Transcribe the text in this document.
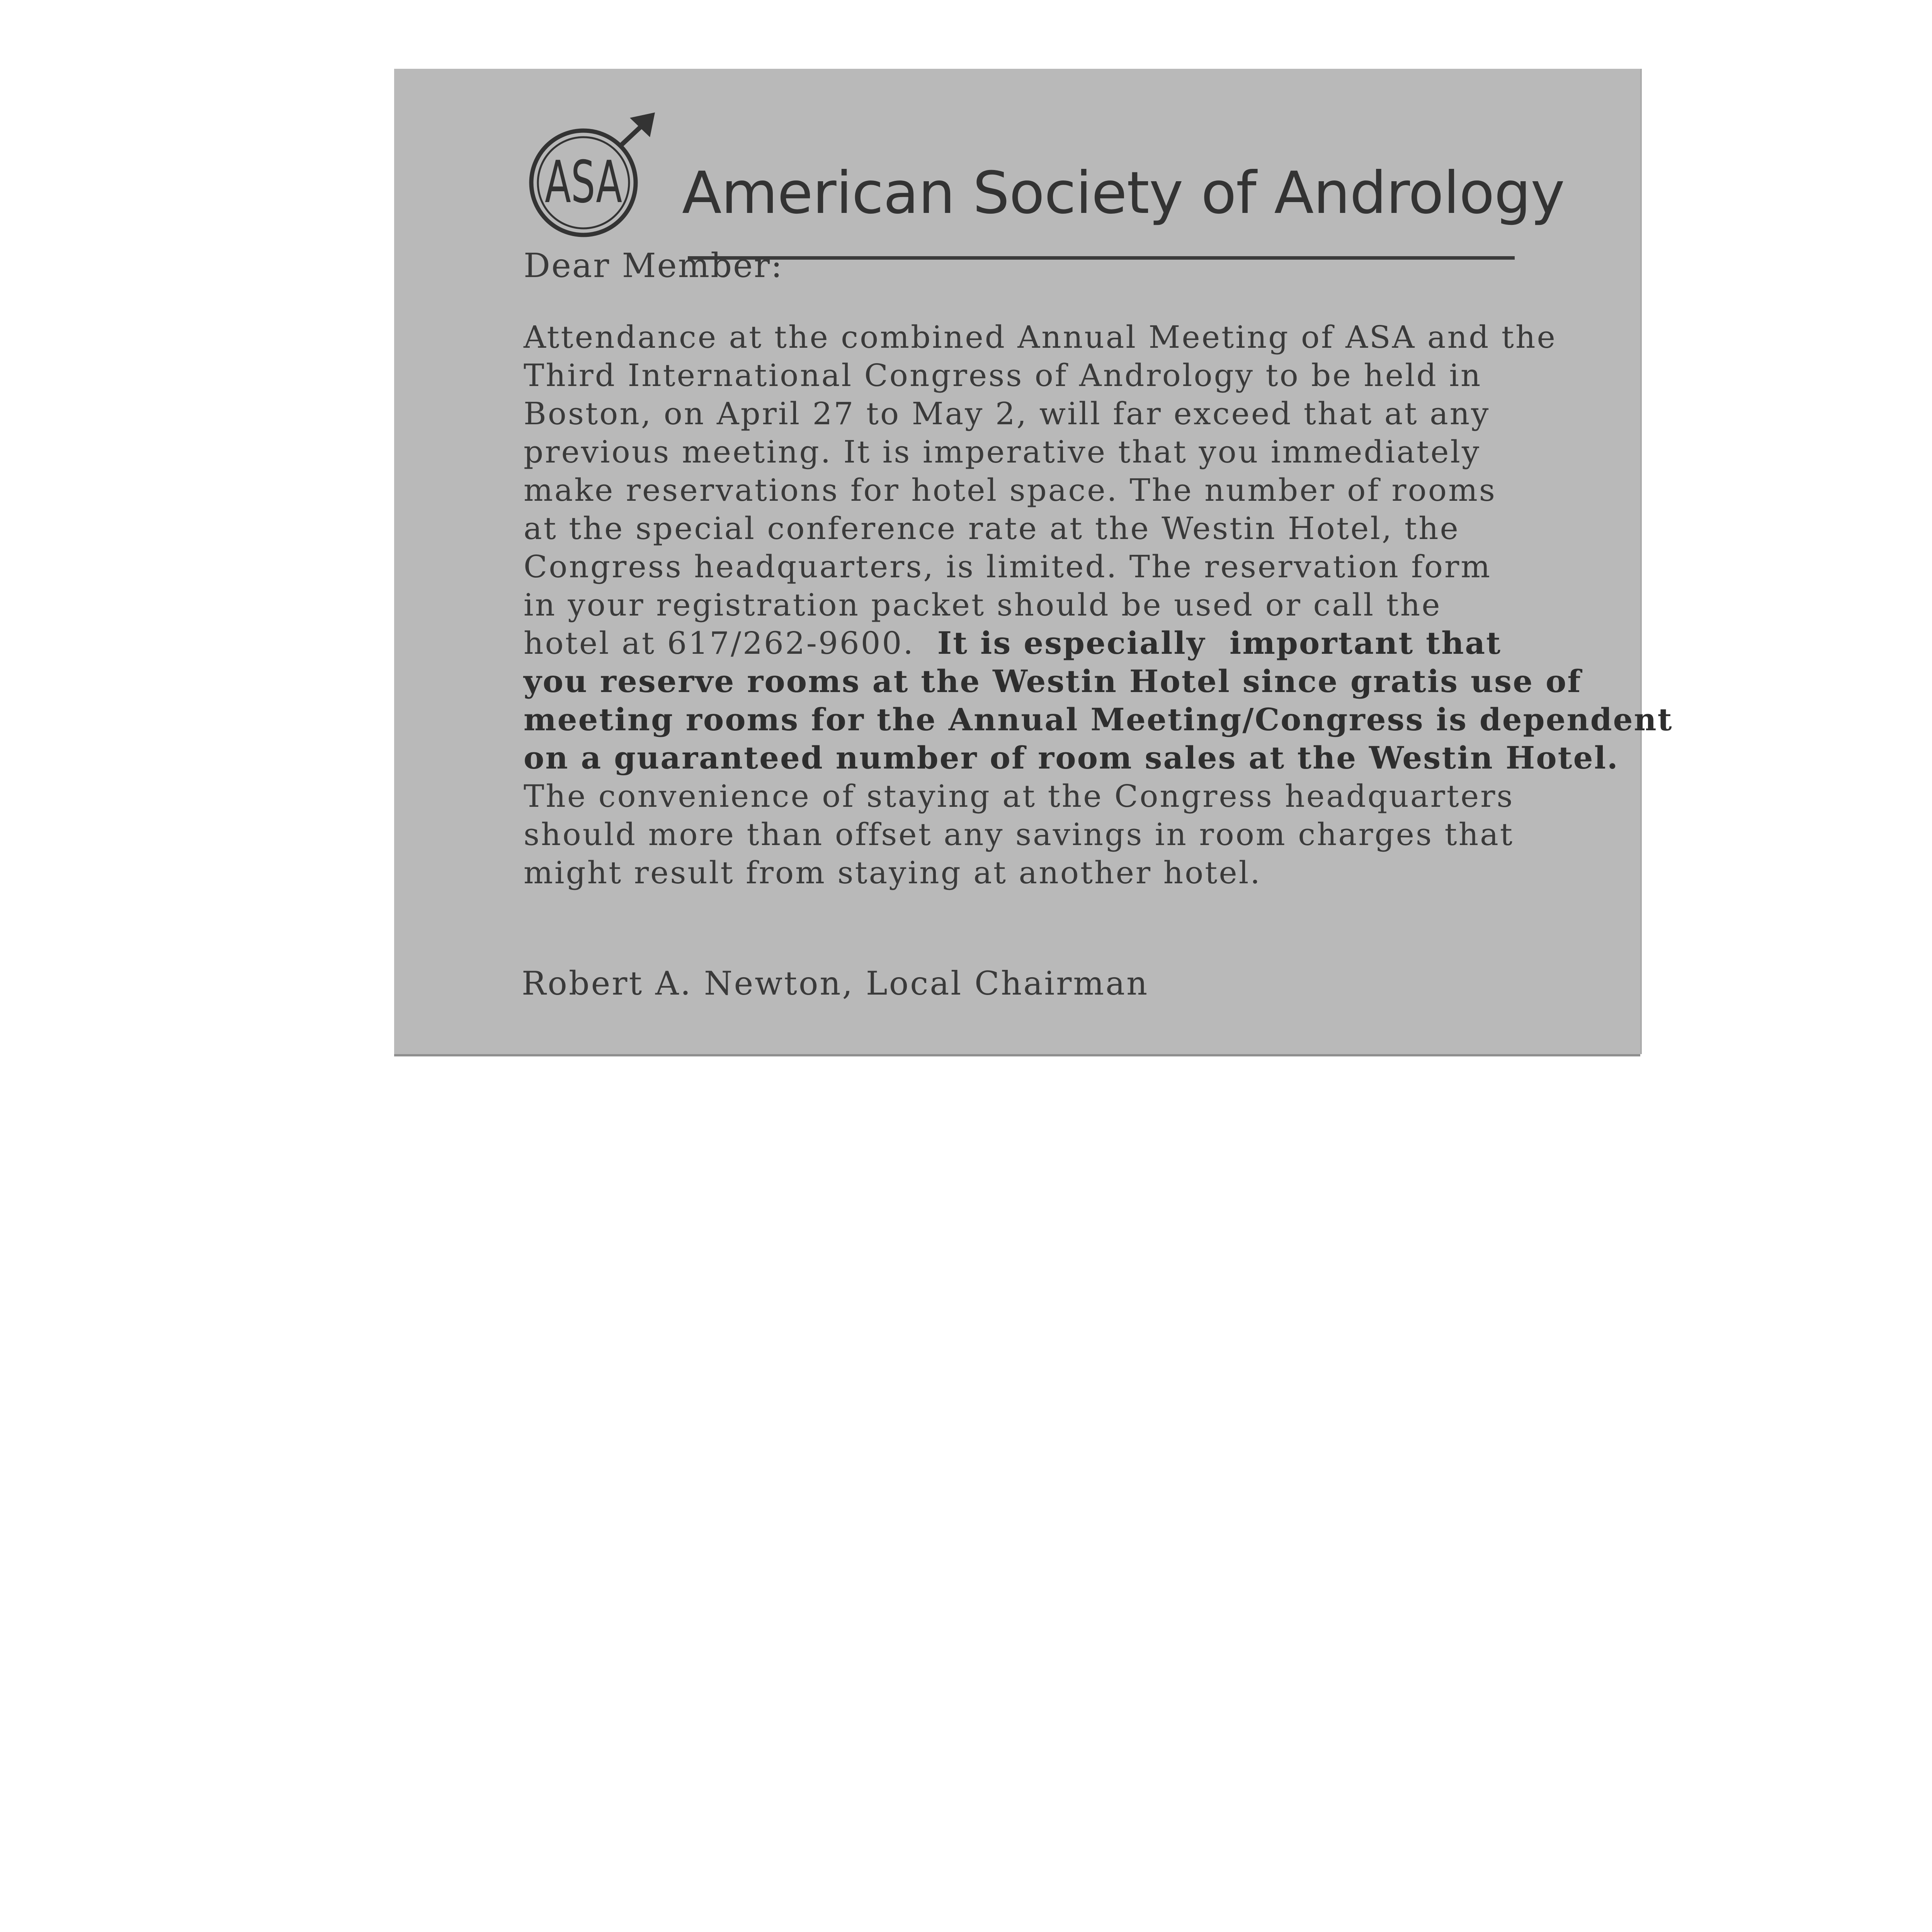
ASA American Society of Andrology
Dear Member:
Attendance at the combined Annual Meeting of ASA and the
Third International Congress of Andrology to be held in
Boston, on April 27 to May 2, will far exceed that at any
previous meeting. It is imperative that you immediately
make reservations for hotel space. The number of rooms
at the special conference rate at the Westin Hotel, the
Congress headquarters, is limited. The reservation form
in your registration packet should be used or call the
hotel at 617/262-9600.  It is especially  important that
you reserve rooms at the Westin Hotel since gratis use of
meeting rooms for the Annual Meeting/Congress is dependent
on a guaranteed number of room sales at the Westin Hotel.
The convenience of staying at the Congress headquarters
should more than offset any savings in room charges that
might result from staying at another hotel.
Robert A. Newton, Local Chairman
